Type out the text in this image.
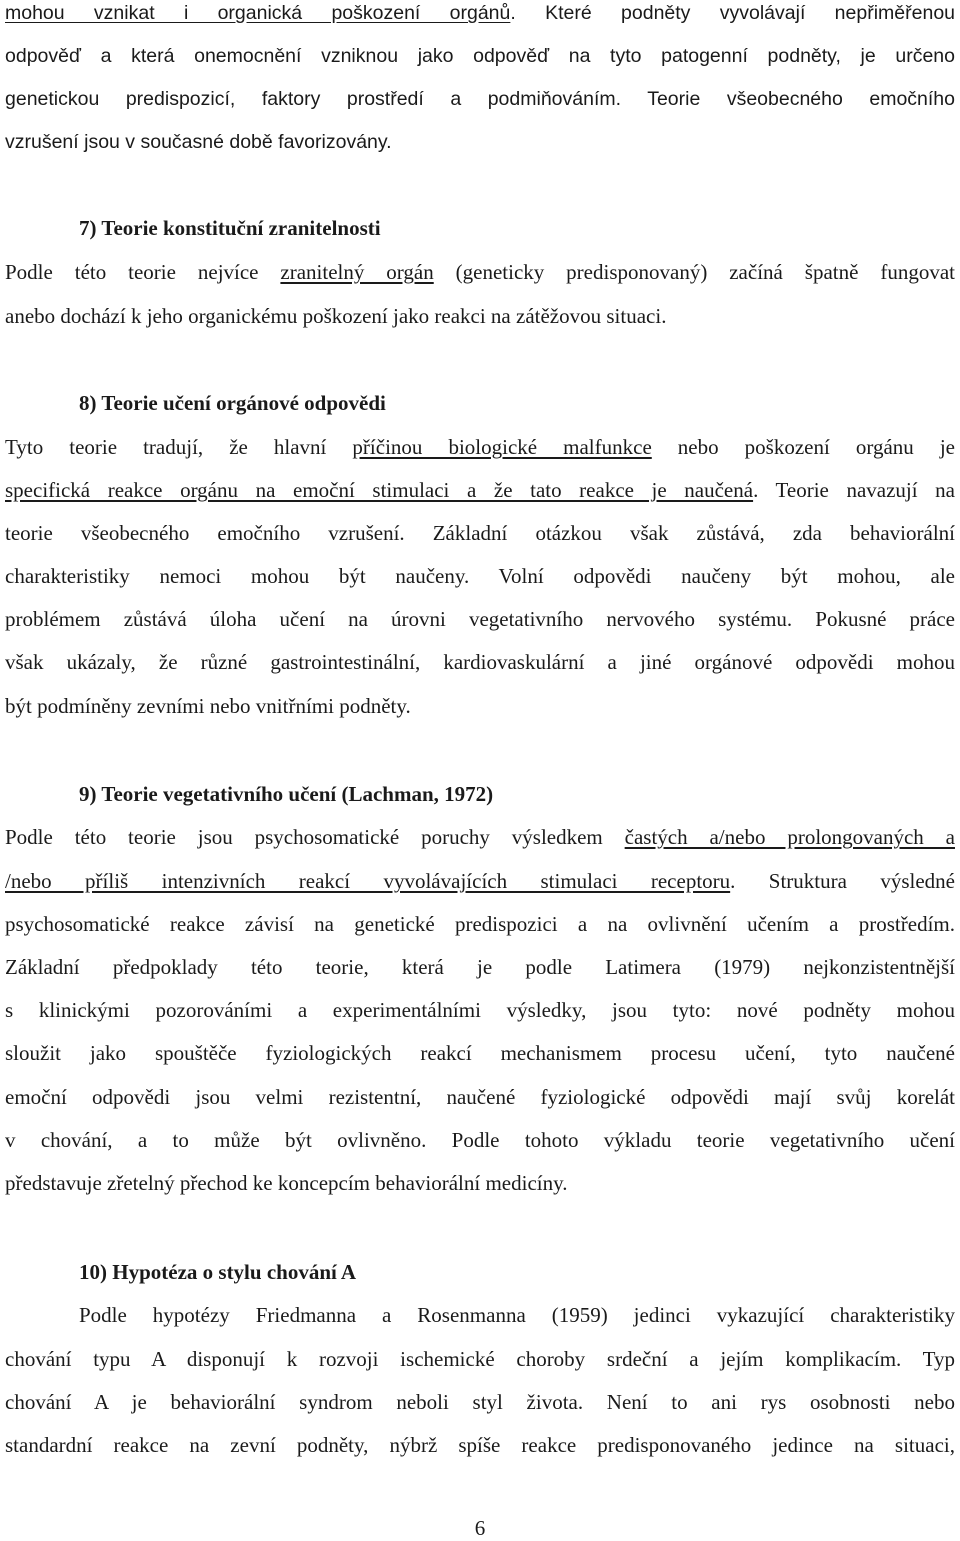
mohou vznikat i organická poškození orgánů. Které podněty vyvolávají nepřiměřenou
odpověď a která onemocnění vzniknou jako odpověď na tyto patogenní podněty, je určeno
genetickou predispozicí, faktory prostředí a podmiňováním. Teorie všeobecného emočního
vzrušení jsou v současné době favorizovány.
7) Teorie konstituční zranitelnosti
Podle této teorie nejvíce zranitelný orgán (geneticky predisponovaný) začíná špatně fungovat
anebo dochází k jeho organickému poškození jako reakci na zátěžovou situaci.
8) Teorie učení orgánové odpovědi
Tyto teorie tradují, že hlavní příčinou biologické malfunkce nebo poškození orgánu je
specifická reakce orgánu na emoční stimulaci a že tato reakce je naučená. Teorie navazují na
teorie všeobecného emočního vzrušení. Základní otázkou však zůstává, zda behaviorální
charakteristiky nemoci mohou být naučeny. Volní odpovědi naučeny být mohou, ale
problémem zůstává úloha učení na úrovni vegetativního nervového systému. Pokusné práce
však ukázaly, že různé gastrointestinální, kardiovaskulární a jiné orgánové odpovědi mohou
být podmíněny zevními nebo vnitřními podněty.
9) Teorie vegetativního učení (Lachman, 1972)
Podle této teorie jsou psychosomatické poruchy výsledkem častých a/nebo prolongovaných a
/nebo příliš intenzivních reakcí vyvolávajících stimulaci receptoru. Struktura výsledné
psychosomatické reakce závisí na genetické predispozici a na ovlivnění učením a prostředím.
Základní předpoklady této teorie, která je podle Latimera (1979) nejkonzistentnější
s klinickými pozorováními a experimentálními výsledky, jsou tyto: nové podněty mohou
sloužit jako spouštěče fyziologických reakcí mechanismem procesu učení, tyto naučené
emoční odpovědi jsou velmi rezistentní, naučené fyziologické odpovědi mají svůj korelát
v chování, a to může být ovlivněno. Podle tohoto výkladu teorie vegetativního učení
představuje zřetelný přechod ke koncepcím behaviorální medicíny.
10) Hypotéza o stylu chování A
Podle hypotézy Friedmanna a Rosenmanna (1959) jedinci vykazující charakteristiky
chování typu A disponují k rozvoji ischemické choroby srdeční a jejím komplikacím. Typ
chování A je behaviorální syndrom neboli styl života. Není to ani rys osobnosti nebo
standardní reakce na zevní podněty, nýbrž spíše reakce predisponovaného jedince na situaci,
6
